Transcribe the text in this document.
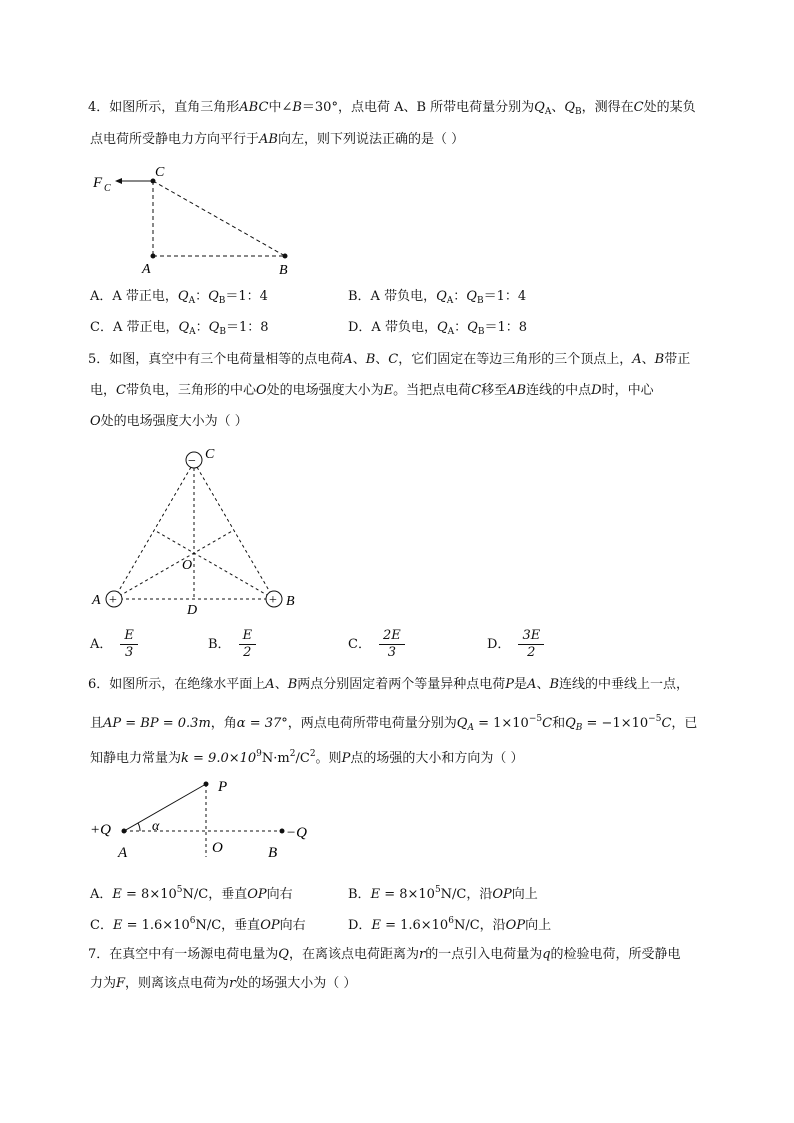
4．如图所示，直角三角形ABC中∠B＝30°，点电荷 A、B 所带电荷量分别为$Q_A$、$Q_B$，测得在C处的某负
点电荷所受静电力方向平行于AB向左，则下列说法正确的是（ ）
F C
C
A	B
A．A 带正电，$Q_A$：$Q_B=1$：4	B．A 带负电，$Q_A$：$Q_B=1$：4
C．A 带正电，$Q_A$：$Q_B=1$：8	D．A 带负电，$Q_A$：$Q_B=1$：8
5．如图，真空中有三个电荷量相等的点电荷A、B、C，它们固定在等边三角形的三个顶点上，A、B带正
电，C带负电，三角形的中心O处的电场强度大小为E。当把点电荷C移至AB连线的中点D时，中心
O处的电场强度大小为（ ）
−
+	+
C
O
A	B
D
A． $\frac{E}{3}$	B． $\frac{E}{2}$	C． $\frac{2E}{3}$	D． $\frac{3E}{2}$
6．如图所示，在绝缘水平面上A、B两点分别固定着两个等量异种点电荷P是A、B连线的中垂线上一点，
且AP = BP = 0.3m，角α = 37°，两点电荷所带电荷量分别为$Q_A = 1\times 10^{-5}C$和$Q_B = -1\times 10^{-5}C$，已
知静电力常量为$k = 9.0\times 10^9N\cdot m^2/C^2$。则P点的场强的大小和方向为（ ）
P
+Q	α
A	O	B
−Q
A．$E = 8\times 10^5N/C$，垂直OP向右	B．$E = 8\times 10^5N/C$，沿OP向上
C．$E = 1.6\times 10^6N/C$，垂直OP向右	D．$E = 1.6\times 10^6N/C$，沿OP向上
7．在真空中有一场源电荷电量为Q，在离该点电荷距离为r的一点引入电荷量为q的检验电荷，所受静电
力为F，则离该点电荷为r处的场强大小为（ ）
